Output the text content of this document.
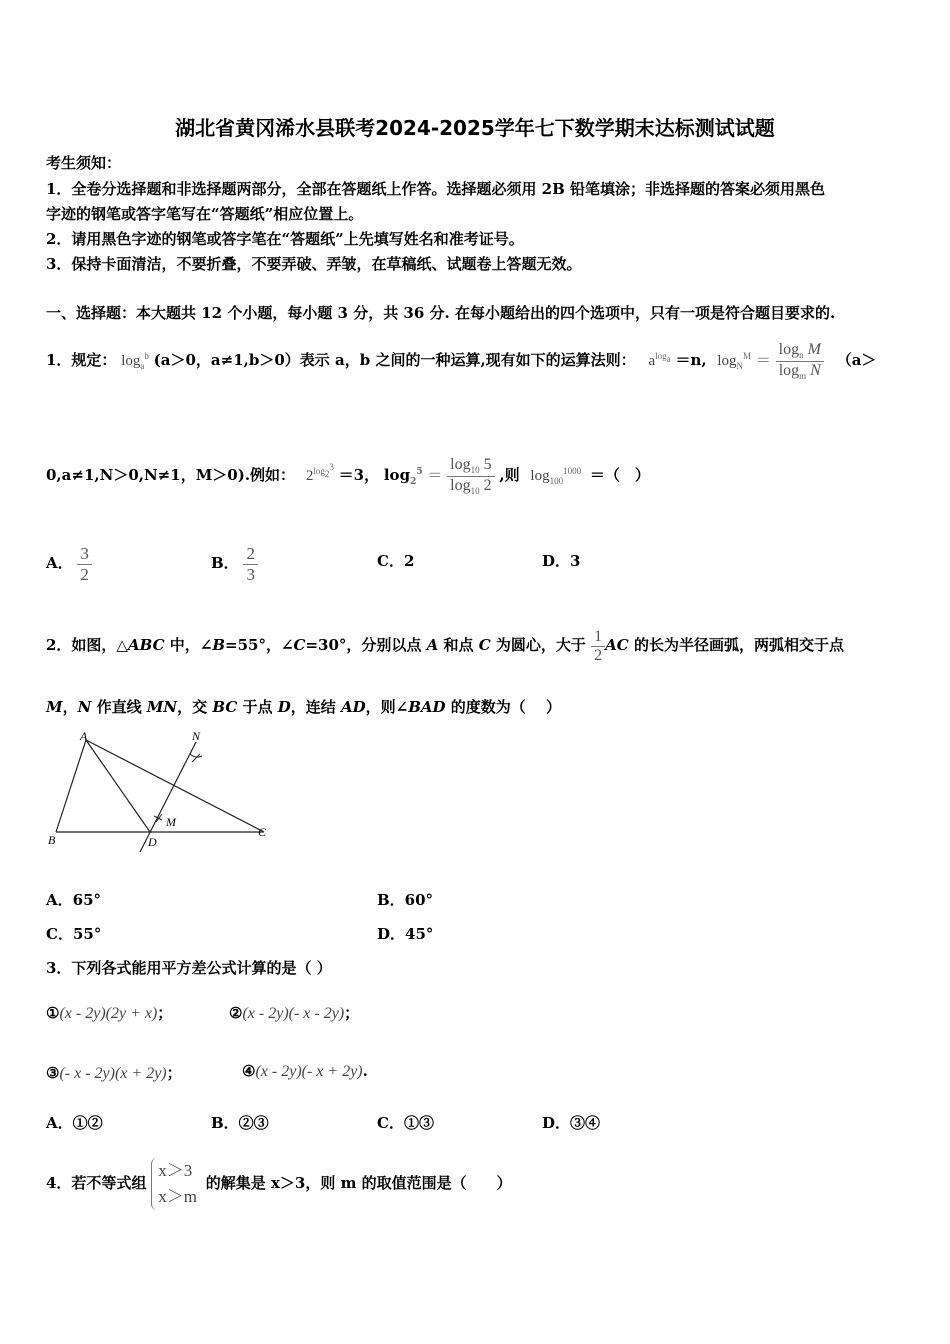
湖北省黄冈浠水县联考2024-2025学年七下数学期末达标测试试题
考生须知：
1．全卷分选择题和非选择题两部分，全部在答题纸上作答。选择题必须用 2B 铅笔填涂；非选择题的答案必须用黑色
字迹的钢笔或答字笔写在“答题纸”相应位置上。
2．请用黑色字迹的钢笔或答字笔在“答题纸”上先填写姓名和准考证号。
3．保持卡面清洁，不要折叠，不要弄破、弄皱，在草稿纸、试题卷上答题无效。
一、选择题：本大题共 12 个小题，每小题 3 分，共 36 分. 在每小题给出的四个选项中，只有一项是符合题目要求的.
1．规定： $\log_a^b (a>0$，a≠1,b＞0）表示 a，b 之间的一种运算,现有如下的运算法则： $a^{log_a} =n$, $\log_N^M = \frac{\log_n M}{\log_m N} (a>$
0,a≠1,N＞0,N≠1，M＞0).例如： $2^{log_2^3} =3$， $\log_2^5 = \frac{\log_{10} 5}{\log_{10} 2}$ ,则 $\log_{100}^{1000}$ ＝（　）
A． $\frac{3}{2}$	B． $\frac{2}{3}$	C．2	D．3
2．如图，△ABC 中，∠B=55°，∠C=30°，分别以点 A 和点 C 为圆心，大于 $\frac{1}{2}$ AC 的长为半径画弧，两弧相交于点
M，N 作直线 MN，交 BC 于点 D，连结 AD，则∠BAD 的度数为（　 ）
A
B
C
D
M
N
A．65°	B．60°
C．55°	D．45°
3．下列各式能用平方差公式计算的是（ ）
①(x - 2y)(2y + x)；	②(x - 2y)(- x - 2y)；
③(- x - 2y)(x + 2y)；	④(x - 2y)(- x + 2y).
A．①②	B．②③	C．①③	D．③④
4．若不等式组
x＞3
x＞m
的解集是 x＞3，则 m 的取值范围是（　　）
